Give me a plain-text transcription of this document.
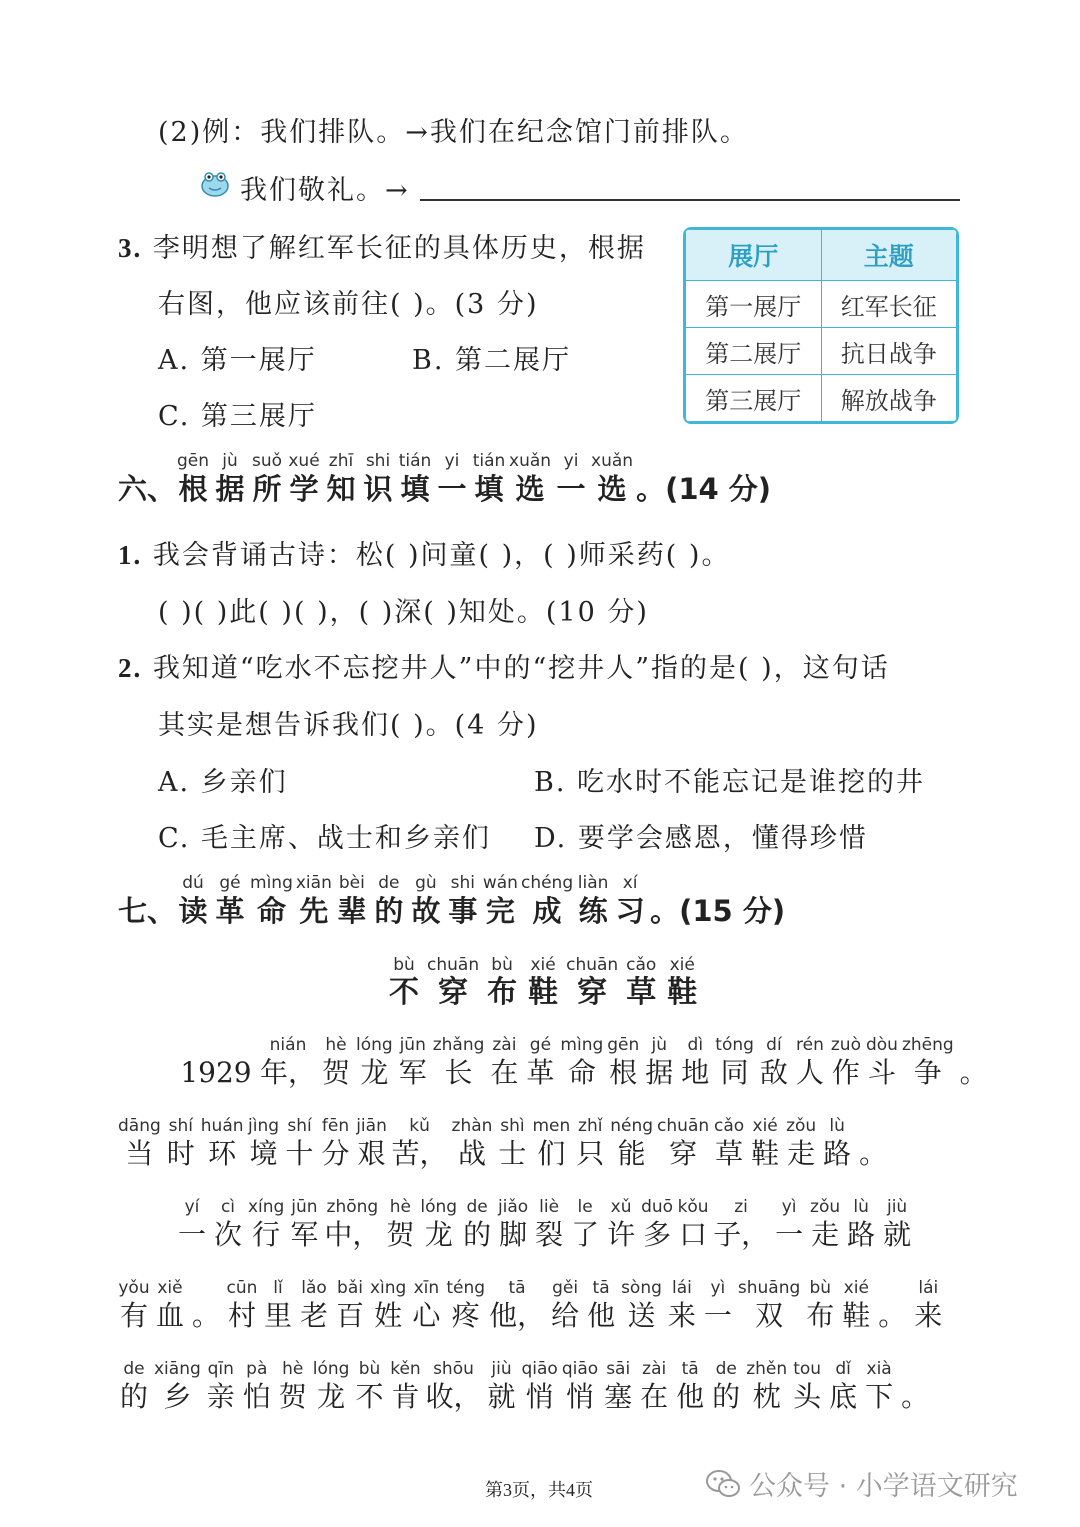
(2)例：我们排队。→我们在纪念馆门前排队。
我们敬礼。→
3. 李明想了解红军长征的具体历史，根据
右图，他应该前往( )。(3 分)
A. 第一展厅	B. 第二展厅
C. 第三展厅
展厅	主题
第一展厅	红军长征
第二展厅	抗日战争
第三展厅	解放战争
六、
gēn
根
jù
据
suǒ
所
xué
学
zhī
知
shi
识
tián
填
yi
一
tián
填
xuǎn
选
yi
一
xuǎn
选 。(14 分)
1. 我会背诵古诗：松( )问童( )，( )师采药( )。
( )( )此( )( )，( )深( )知处。(10 分)
2. 我知道“吃水不忘挖井人”中的“挖井人”指的是( )，这句话
其实是想告诉我们( )。(4 分)
A. 乡亲们	B. 吃水时不能忘记是谁挖的井
C. 毛主席、战士和乡亲们 D. 要学会感恩，懂得珍惜
七、
dú
读
gé
革
mìng
命
xiān
先
bèi
辈
de
的
gù
故
shi
事
wán
完
chéng
成
liàn
练
xí
习 。(15 分)
bù
不
chuān
穿
bù
布
xié
鞋
chuān
穿
cǎo
草
xié
鞋
1929
nián
年，
hè
贺
lóng
龙
jūn
军
zhǎng
长
zài
在
gé
革
mìng
命
gēn
根
jù
据
dì
地
tóng
同
dí
敌
rén
人
zuò
作
dòu
斗
zhēng
争 。
dāng
当
shí
时
huán
环
jìng
境
shí
十
fēn
分
jiān
艰
kǔ
苦，
zhàn
战
shì
士
men
们
zhǐ
只
néng
能
chuān
穿
cǎo
草
xié
鞋
zǒu
走
lù
路 。
yí
一
cì
次
xíng
行
jūn
军
zhōng
中，
hè
贺
lóng
龙
de
的
jiǎo
脚
liè
裂
le
了
xǔ
许
duō
多
kǒu
口
zi
子，
yì
一
zǒu
走
lù
路
jiù
就
yǒu
有
xiě
血 。
cūn
村
lǐ
里
lǎo
老
bǎi
百
xìng
姓
xīn
心
téng
疼
tā
他，
gěi
给
tā
他
sòng
送
lái
来
yì
一
shuāng
双
bù
布
xié
鞋 。
lái
来
de
的
xiāng
乡
qīn
亲
pà
怕
hè
贺
lóng
龙
bù
不
kěn
肯
shōu
收，
jiù
就
qiāo
悄
qiāo
悄
sāi
塞
zài
在
tā
他
de
的
zhěn
枕
tou
头
dǐ
底
xià
下 。
第3页，共4页	公众号 · 小学语文研究
